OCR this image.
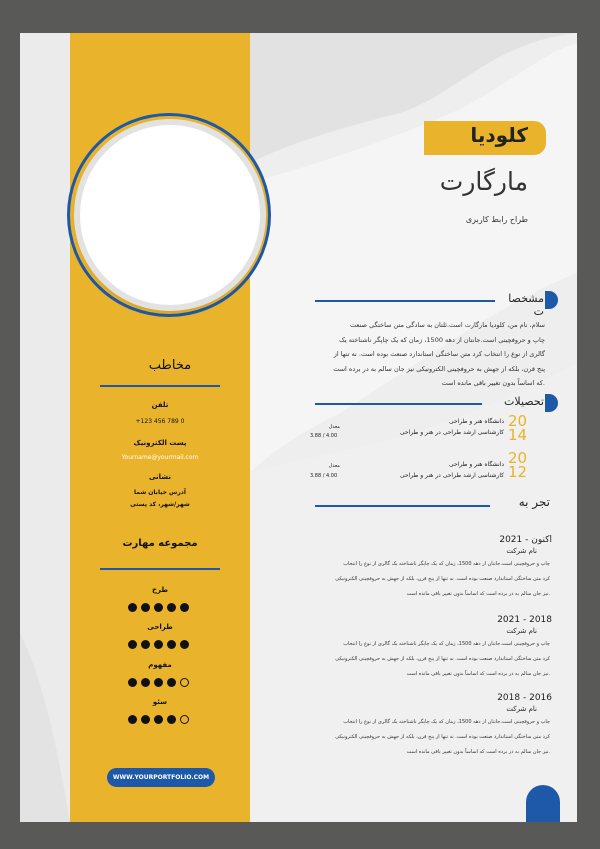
مخاطب
تلفن
+123 456 789 0
پست الکترونیک
Yourname@yourmail.com
نشانی
آدرس خیابان شما
شهر/شهر، کد پستی
مجموعه مهارت
طرح
طراحی
مفهوم
سئو
WWW.YOURPORTFOLIO.COM
کلودیا
مارگارت
طراح رابط کاربری
مشخصا ت
سلام، نام من، کلودیا مارگارت است.ئلتان به سادگی متن ساختگی صنعت
چاپ و حروفچینی است.جانتان از دهه 1500، زمان که یک چاپگر ناشناخته یک
گالری از نوع را انتخاب کرد متن ساختگی استاندارد صنعت بوده است. نه تنها از
پنج قرن، بلکه از جهش به حروفچینی الکترونیکی نیز جان سالم به در برده است
.که اساساً بدون تغییر باقی مانده است
تحصیلات
20
14
دانشگاه هنر و طراحی
کارشناسی ارشد طراحی در هنر و طراحی
معدل
3.88 / 4.00
20
12
دانشگاه هنر و طراحی
کارشناسی ارشد طراحی در هنر و طراحی
معدل
3.88 / 4.00
تجر به
اکنون - 2021
نام شرکت
چاپ و حروفچینی است.جانتان از دهه 1500، زمان که یک چاپگر ناشناخته یک گالری از نوع را انتخاب
کرد متن ساختگی استاندارد صنعت بوده است. نه تنها از پنج قرن، بلکه از جهش به حروفچینی الکترونیکی
.نیز جان سالم به در برده است که اساساً بدون تغییر باقی مانده است
2018 - 2021
نام شرکت
چاپ و حروفچینی است.جانتان از دهه 1500، زمان که یک چاپگر ناشناخته یک گالری از نوع را انتخاب
کرد متن ساختگی استاندارد صنعت بوده است. نه تنها از پنج قرن، بلکه از جهش به حروفچینی الکترونیکی
.نیز جان سالم به در برده است که اساساً بدون تغییر باقی مانده است
2016 - 2018
نام شرکت
چاپ و حروفچینی است.جانتان از دهه 1500، زمان که یک چاپگر ناشناخته یک گالری از نوع را انتخاب
کرد متن ساختگی استاندارد صنعت بوده است. نه تنها از پنج قرن، بلکه از جهش به حروفچینی الکترونیکی
.نیز جان سالم به در برده است که اساساً بدون تغییر باقی مانده است
